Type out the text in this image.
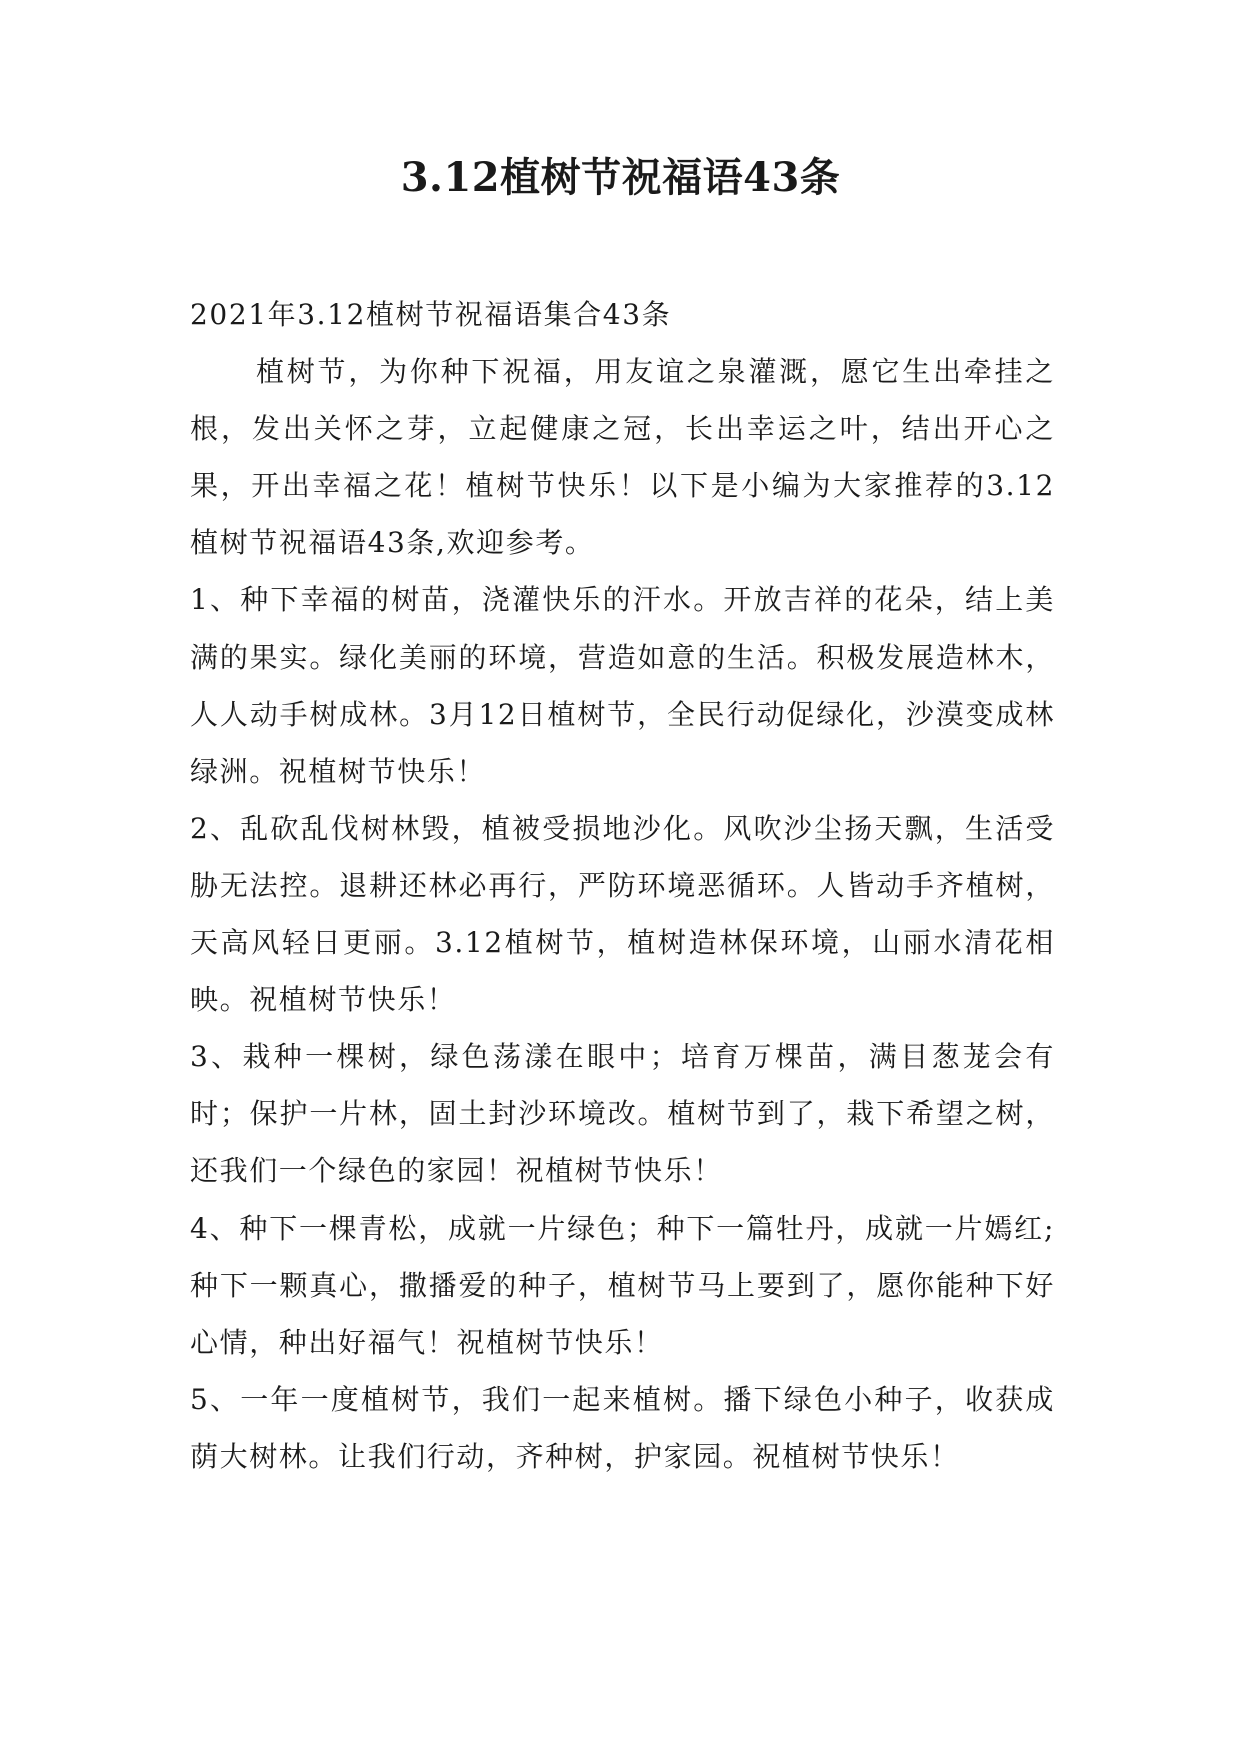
3.12植树节祝福语43条

2021年3.12植树节祝福语集合43条

植树节，为你种下祝福，用友谊之泉灌溉，愿它生出牵挂之根，发出关怀之芽，立起健康之冠，长出幸运之叶，结出开心之果，开出幸福之花！植树节快乐！以下是小编为大家推荐的3.12植树节祝福语43条,欢迎参考。

1、种下幸福的树苗，浇灌快乐的汗水。开放吉祥的花朵，结上美满的果实。绿化美丽的环境，营造如意的生活。积极发展造林木，人人动手树成林。3月12日植树节，全民行动促绿化，沙漠变成林绿洲。祝植树节快乐！

2、乱砍乱伐树林毁，植被受损地沙化。风吹沙尘扬天飘，生活受胁无法控。退耕还林必再行，严防环境恶循环。人皆动手齐植树，天高风轻日更丽。3.12植树节，植树造林保环境，山丽水清花相映。祝植树节快乐！

3、栽种一棵树，绿色荡漾在眼中；培育万棵苗，满目葱茏会有时；保护一片林，固土封沙环境改。植树节到了，栽下希望之树，还我们一个绿色的家园！祝植树节快乐！

4、种下一棵青松，成就一片绿色；种下一篇牡丹，成就一片嫣红;种下一颗真心，撒播爱的种子，植树节马上要到了，愿你能种下好心情，种出好福气！祝植树节快乐！

5、一年一度植树节，我们一起来植树。播下绿色小种子，收获成荫大树林。让我们行动，齐种树，护家园。祝植树节快乐！
